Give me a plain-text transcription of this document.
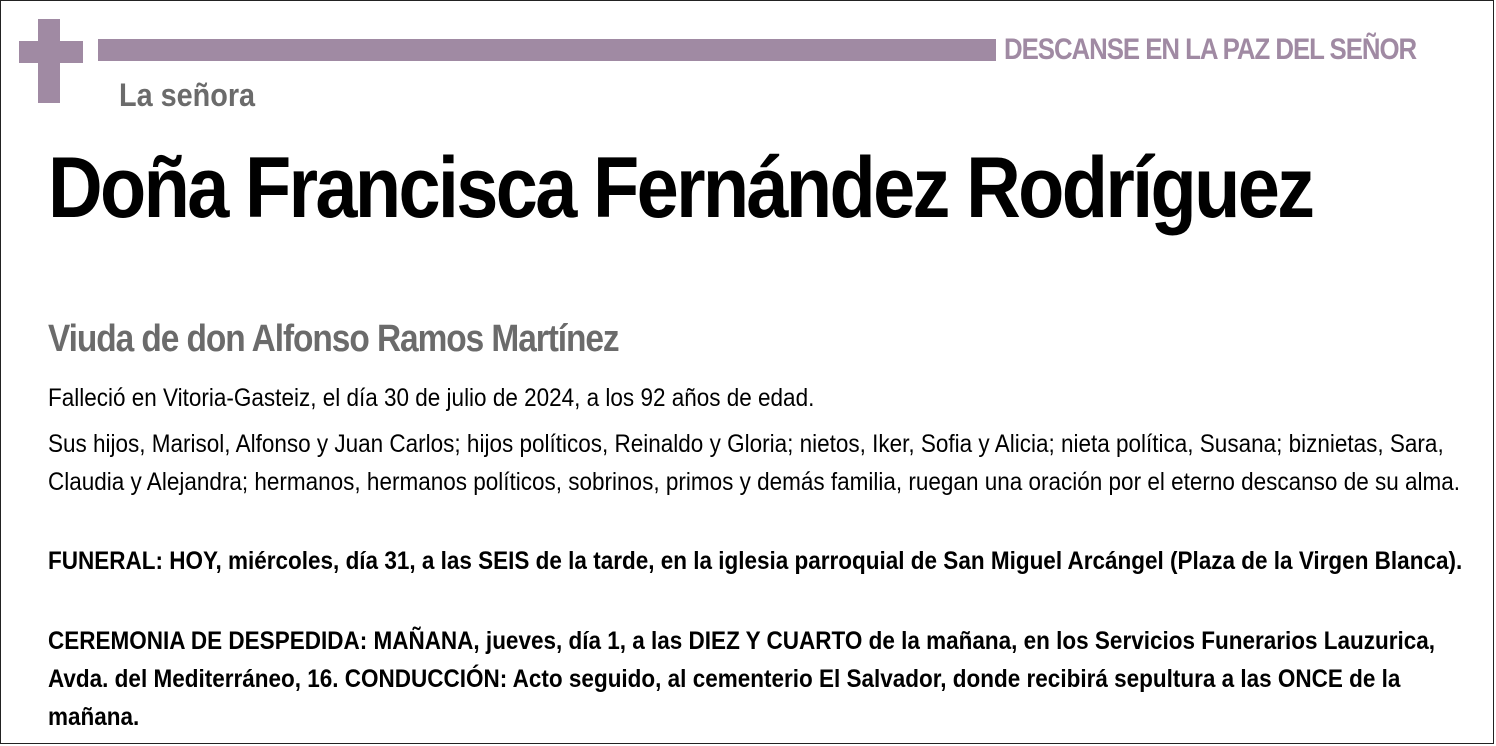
DESCANSE EN LA PAZ DEL SEÑOR
La señora
Doña Francisca Fernández Rodríguez
Viuda de don Alfonso Ramos Martínez

Falleció en Vitoria-Gasteiz, el día 30 de julio de 2024, a los 92 años de edad.

Sus hijos, Marisol, Alfonso y Juan Carlos; hijos políticos, Reinaldo y Gloria; nietos, Iker, Sofia y Alicia; nieta política, Susana; biznietas, Sara, Claudia y Alejandra; hermanos, hermanos políticos, sobrinos, primos y demás familia, ruegan una oración por el eterno descanso de su alma.

FUNERAL: HOY, miércoles, día 31, a las SEIS de la tarde, en la iglesia parroquial de San Miguel Arcángel (Plaza de la Virgen Blanca).

CEREMONIA DE DESPEDIDA: MAÑANA, jueves, día 1, a las DIEZ Y CUARTO de la mañana, en los Servicios Funerarios Lauzurica, Avda. del Mediterráneo, 16. CONDUCCIÓN: Acto seguido, al cementerio El Salvador, donde recibirá sepultura a las ONCE de la mañana.
